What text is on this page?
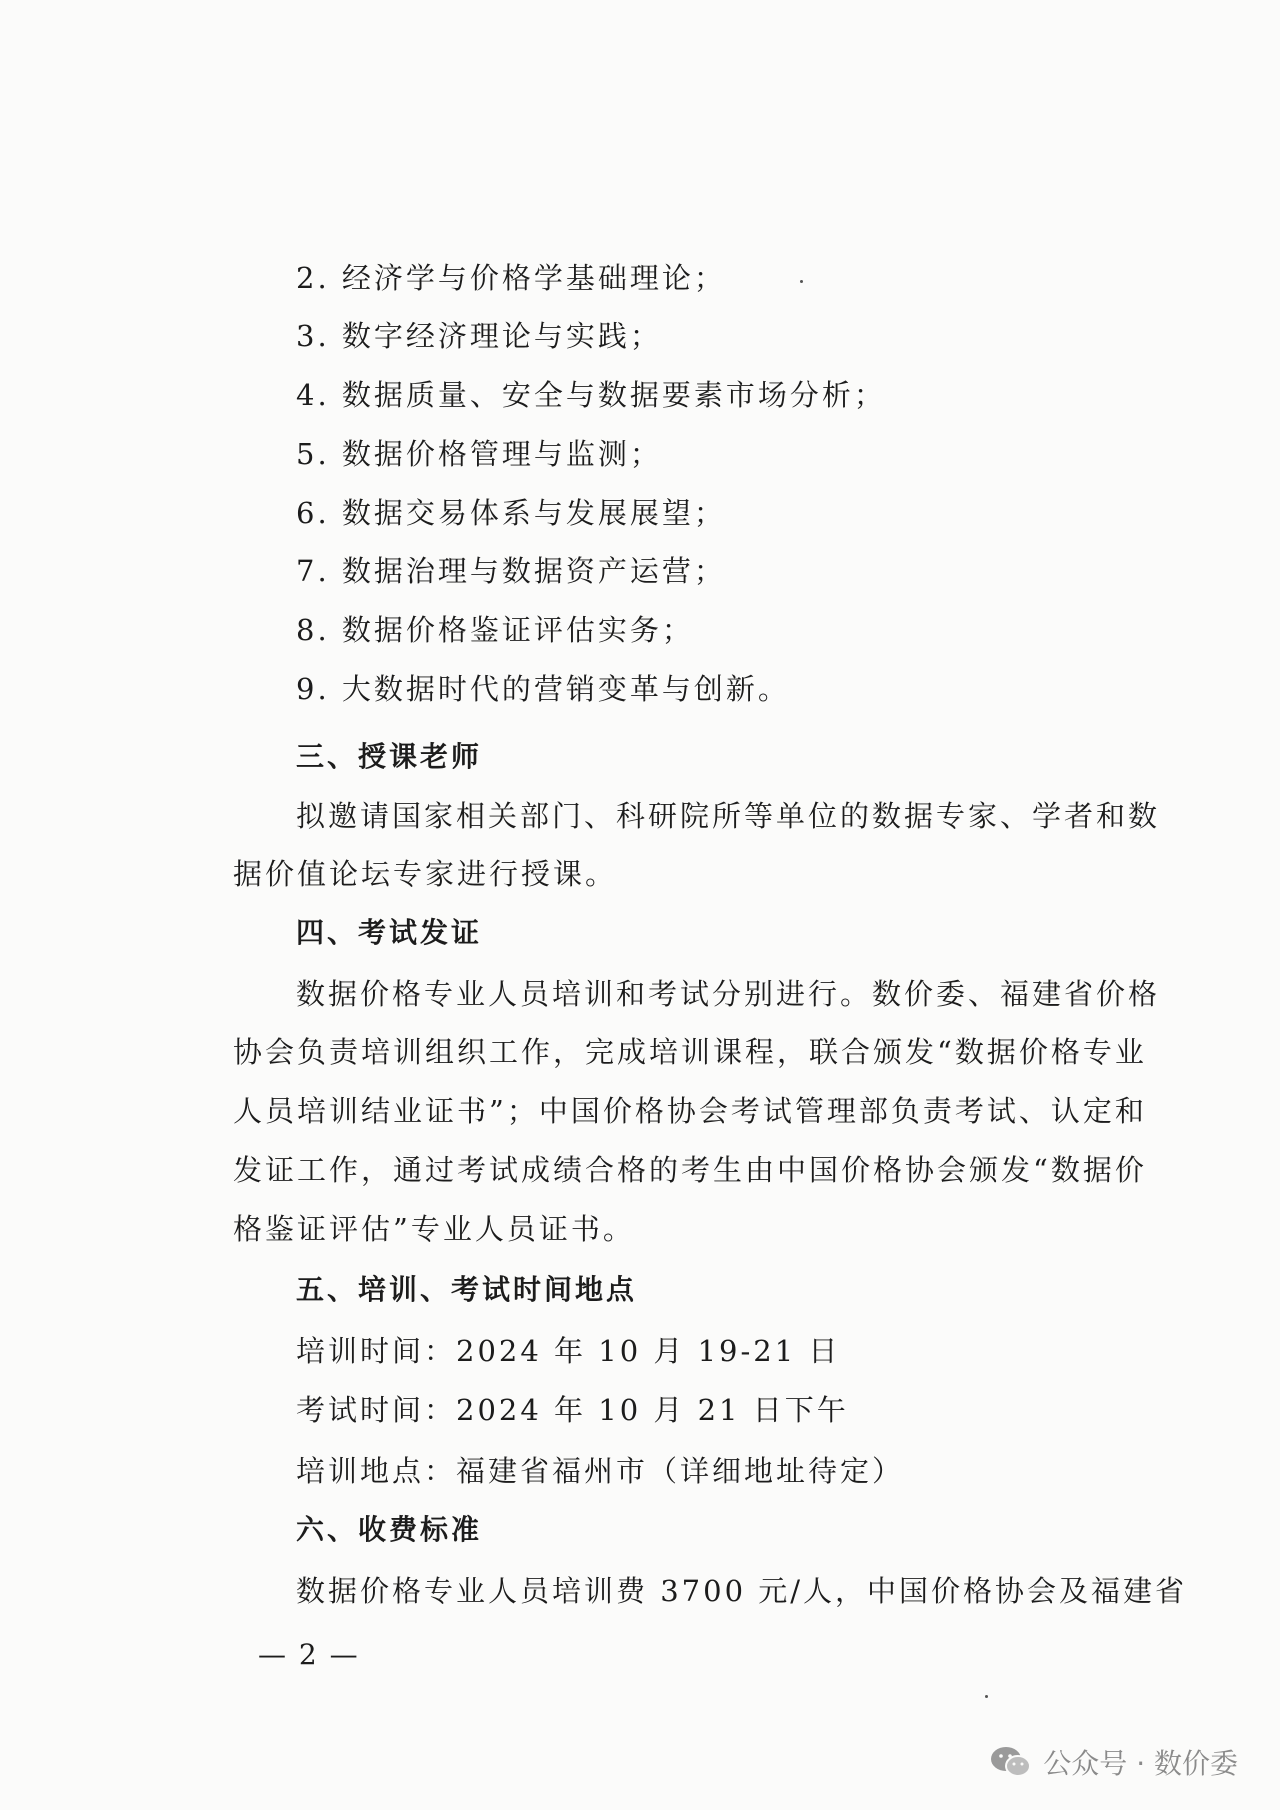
2. 经济学与价格学基础理论；
3. 数字经济理论与实践；
4. 数据质量、安全与数据要素市场分析；
5. 数据价格管理与监测；
6. 数据交易体系与发展展望；
7. 数据治理与数据资产运营；
8. 数据价格鉴证评估实务；
9. 大数据时代的营销变革与创新。
三、授课老师
拟邀请国家相关部门、科研院所等单位的数据专家、学者和数
据价值论坛专家进行授课。
四、考试发证
数据价格专业人员培训和考试分别进行。数价委、福建省价格
协会负责培训组织工作，完成培训课程，联合颁发“数据价格专业
人员培训结业证书”；中国价格协会考试管理部负责考试、认定和
发证工作，通过考试成绩合格的考生由中国价格协会颁发“数据价
格鉴证评估”专业人员证书。
五、培训、考试时间地点
培训时间：2024 年 10 月 19-21 日
考试时间：2024 年 10 月 21 日下午
培训地点：福建省福州市（详细地址待定）
六、收费标准
数据价格专业人员培训费 3700 元/人，中国价格协会及福建省
— 2 —
公众号 · 数价委
